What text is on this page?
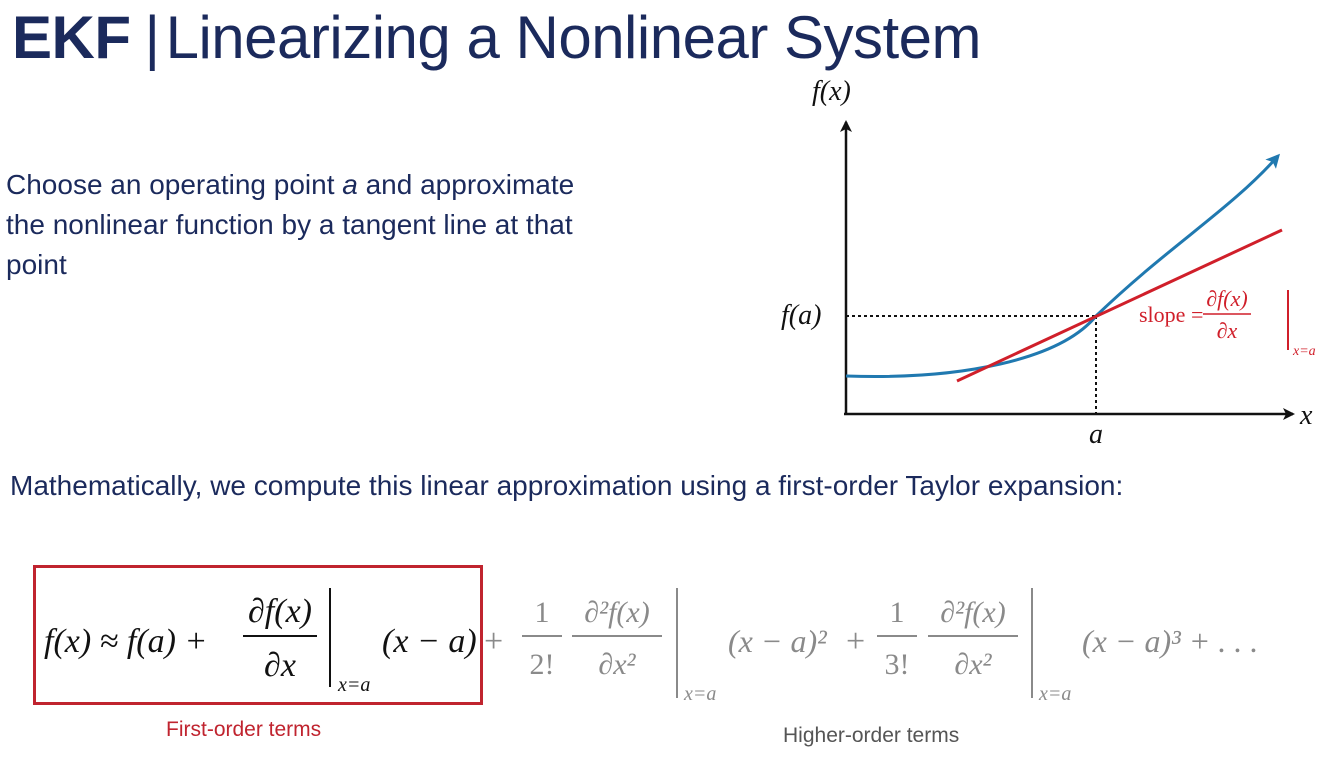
EKF | Linearizing a Nonlinear System
Choose an operating point a and approximate the nonlinear function by a tangent line at that point
f(x)
x
f(a)
a
slope =
∂f(x)
∂x
x=a
Mathematically, we compute this linear approximation using a first-order Taylor expansion:
f(x) ≈ f(a) +
∂f(x)
∂x
x=a
(x − a) +
1
2!
∂²f(x)
∂x²
x=a
(x − a)² +
1
3!
∂²f(x)
∂x²
x=a
(x − a)³ + . . .
First-order terms	Higher-order terms
